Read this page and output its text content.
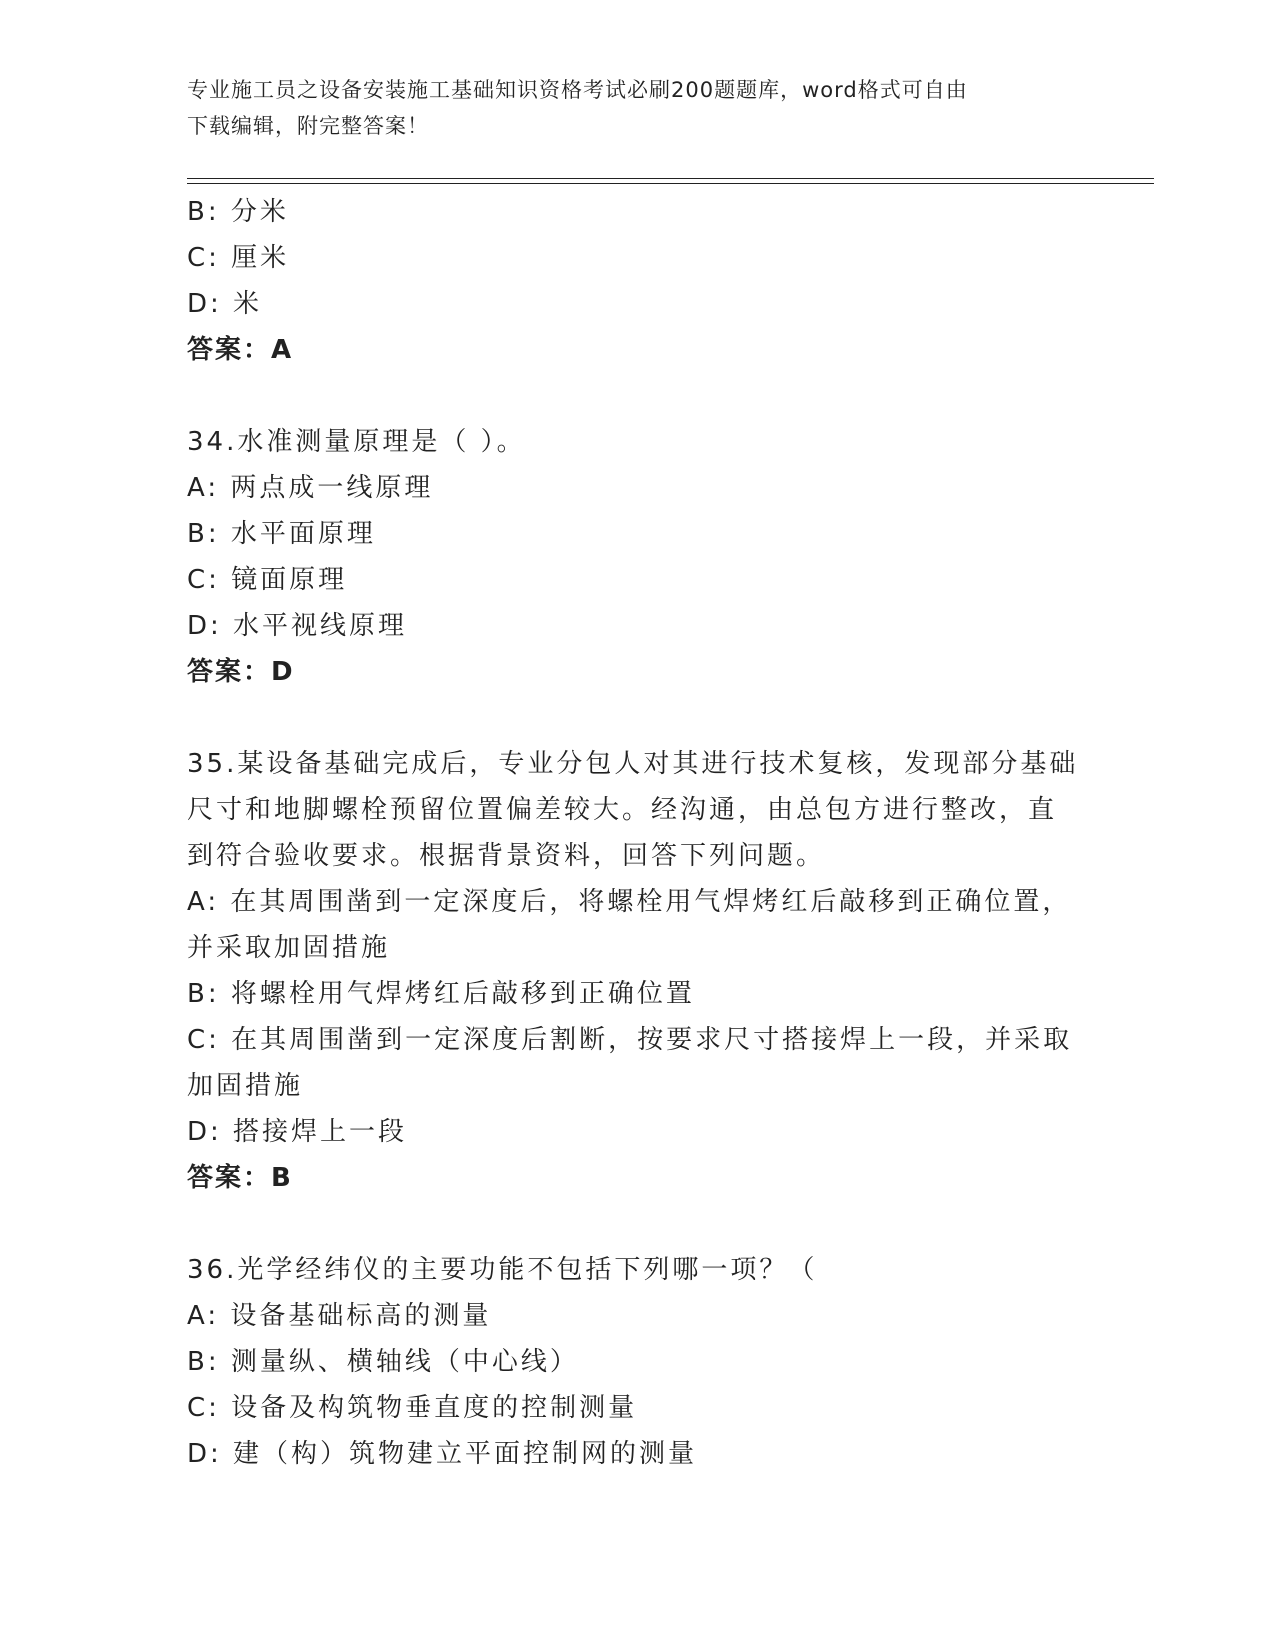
专业施工员之设备安装施工基础知识资格考试必刷200题题库，word格式可自由
下载编辑，附完整答案！
B: 分米
C: 厘米
D: 米
答案：A
34.水准测量原理是（ ）。
A: 两点成一线原理
B: 水平面原理
C: 镜面原理
D: 水平视线原理
答案：D
35.某设备基础完成后，专业分包人对其进行技术复核，发现部分基础
尺寸和地脚螺栓预留位置偏差较大。经沟通，由总包方进行整改，直
到符合验收要求。根据背景资料，回答下列问题。
A: 在其周围凿到一定深度后，将螺栓用气焊烤红后敲移到正确位置，
并采取加固措施
B: 将螺栓用气焊烤红后敲移到正确位置
C: 在其周围凿到一定深度后割断，按要求尺寸搭接焊上一段，并采取
加固措施
D: 搭接焊上一段
答案：B
36.光学经纬仪的主要功能不包括下列哪一项？（
A: 设备基础标高的测量
B: 测量纵、横轴线（中心线）
C: 设备及构筑物垂直度的控制测量
D: 建（构）筑物建立平面控制网的测量
